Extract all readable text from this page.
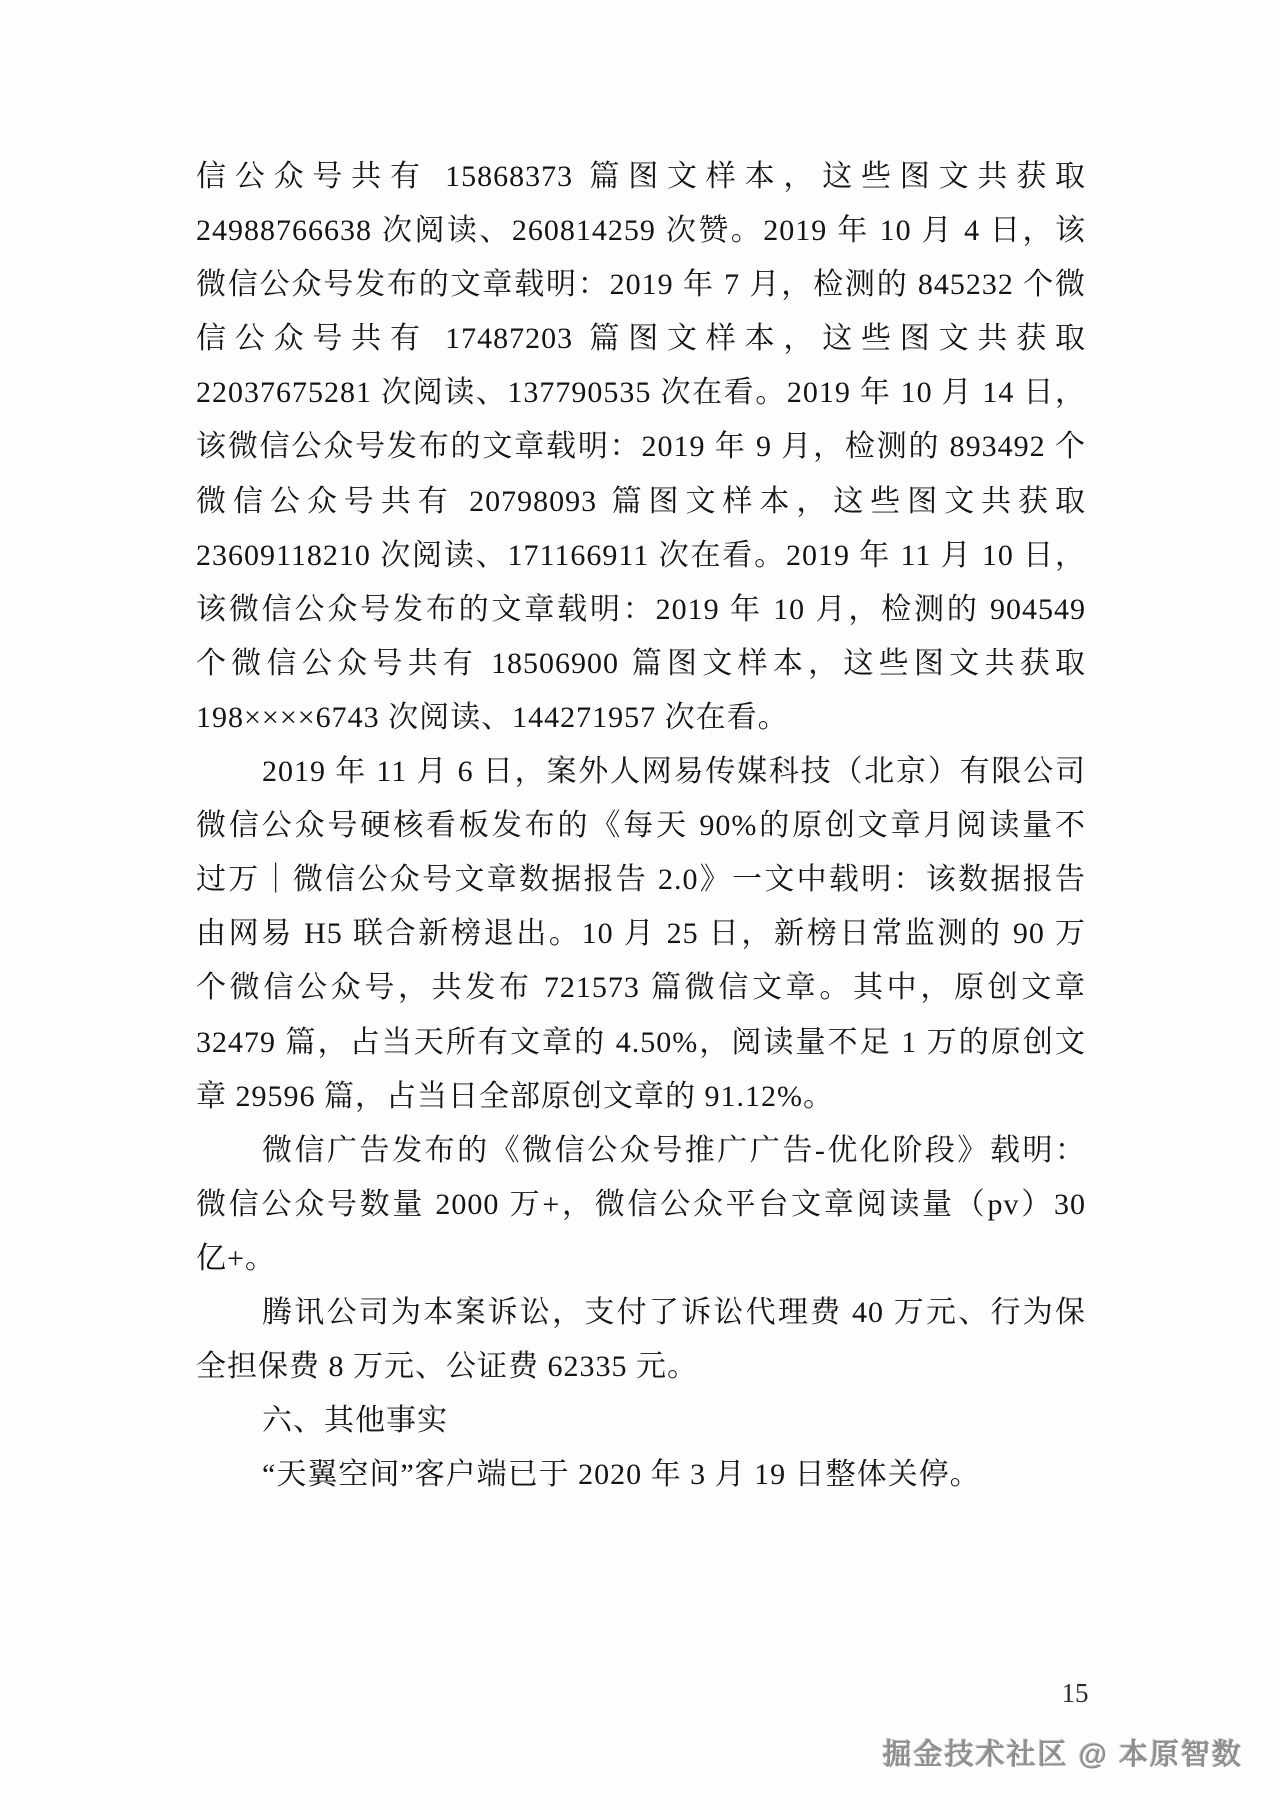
信公众号共有 15868373 篇图文样本，这些图文共获取

24988766638 次阅读、260814259 次赞。2019 年 10 月 4 日，该

微信公众号发布的文章载明：2019 年 7 月，检测的 845232 个微

信公众号共有 17487203 篇图文样本，这些图文共获取

22037675281 次阅读、137790535 次在看。2019 年 10 月 14 日，

该微信公众号发布的文章载明：2019 年 9 月，检测的 893492 个

微信公众号共有 20798093 篇图文样本，这些图文共获取

23609118210 次阅读、171166911 次在看。2019 年 11 月 10 日，

该微信公众号发布的文章载明：2019 年 10 月，检测的 904549

个微信公众号共有 18506900 篇图文样本，这些图文共获取

198××××6743 次阅读、144271957 次在看。

2019 年 11 月 6 日，案外人网易传媒科技（北京）有限公司

微信公众号硬核看板发布的《每天 90%的原创文章月阅读量不

过万｜微信公众号文章数据报告 2.0》一文中载明：该数据报告

由网易 H5 联合新榜退出。10 月 25 日，新榜日常监测的 90 万

个微信公众号，共发布 721573 篇微信文章。其中，原创文章

32479 篇，占当天所有文章的 4.50%，阅读量不足 1 万的原创文

章 29596 篇，占当日全部原创文章的 91.12%。

微信广告发布的《微信公众号推广广告-优化阶段》载明：

微信公众号数量 2000 万+，微信公众平台文章阅读量（pv）30

亿+。

腾讯公司为本案诉讼，支付了诉讼代理费 40 万元、行为保

全担保费 8 万元、公证费 62335 元。

六、其他事实

“天翼空间”客户端已于 2020 年 3 月 19 日整体关停。

15
掘金技术社区 @ 本原智数
